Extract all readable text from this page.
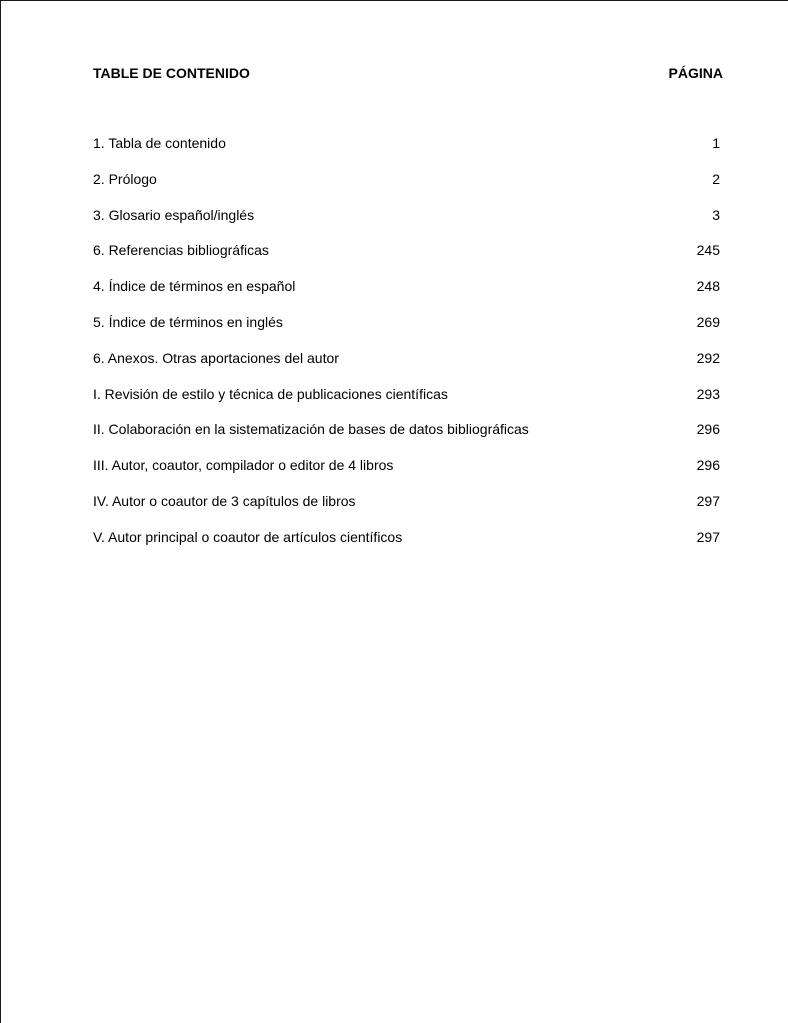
TABLE DE CONTENIDO	PÁGINA
1. Tabla de contenido	1
2. Prólogo	2
3. Glosario español/inglés	3
6. Referencias bibliográficas	245
4. Índice de términos en español	248
5. Índice de términos en inglés	269
6. Anexos. Otras aportaciones del autor	292
I. Revisión de estilo y técnica de publicaciones científicas	293
II. Colaboración en la sistematización de bases de datos bibliográficas	296
III. Autor, coautor, compilador o editor de 4 libros	296
IV. Autor o coautor de 3 capítulos de libros	297
V. Autor principal o coautor de artículos científicos	297
